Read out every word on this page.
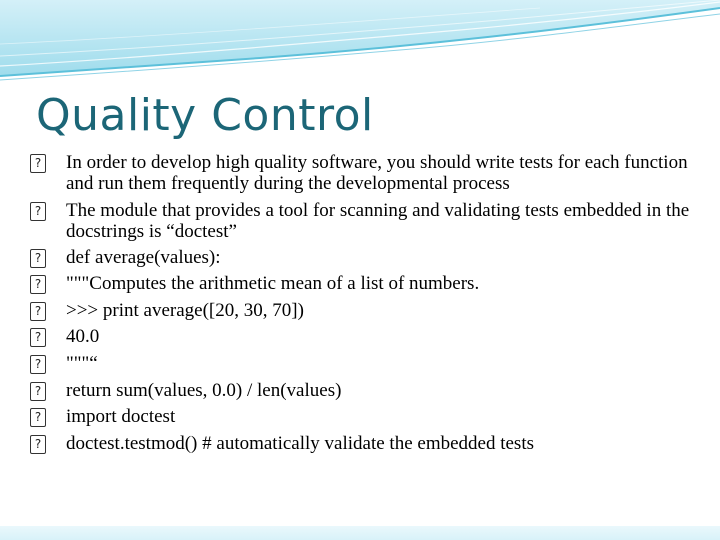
Quality Control
? In order to develop high quality software, you should write tests for each function and run them frequently during the developmental process
? The module that provides a tool for scanning and validating tests embedded in the docstrings is “doctest”
? def average(values):
? """Computes the arithmetic mean of a list of numbers.
? >>> print average([20, 30, 70])
? 40.0
? """“
? return sum(values, 0.0) / len(values)
? import doctest
? doctest.testmod() # automatically validate the embedded tests
